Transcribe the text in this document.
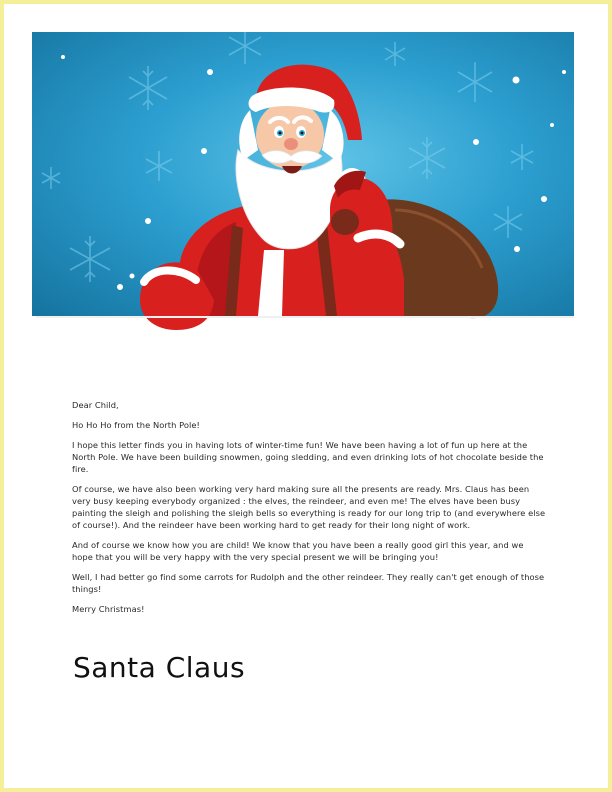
Dear Child,

Ho Ho Ho from the North Pole!

I hope this letter finds you in having lots of winter-time fun! We have been having a lot of fun up here at the North Pole. We have been building snowmen, going sledding, and even drinking lots of hot chocolate beside the fire.

Of course, we have also been working very hard making sure all the presents are ready. Mrs. Claus has been very busy keeping everybody organized : the elves, the reindeer, and even me! The elves have been busy painting the sleigh and polishing the sleigh bells so everything is ready for our long trip to (and everywhere else of course!). And the reindeer have been working hard to get ready for their long night of work.

And of course we know how you are child! We know that you have been a really good girl this year, and we hope that you will be very happy with the very special present we will be bringing you!

Well, I had better go find some carrots for Rudolph and the other reindeer. They really can't get enough of those things!

Merry Christmas!

Santa Claus
